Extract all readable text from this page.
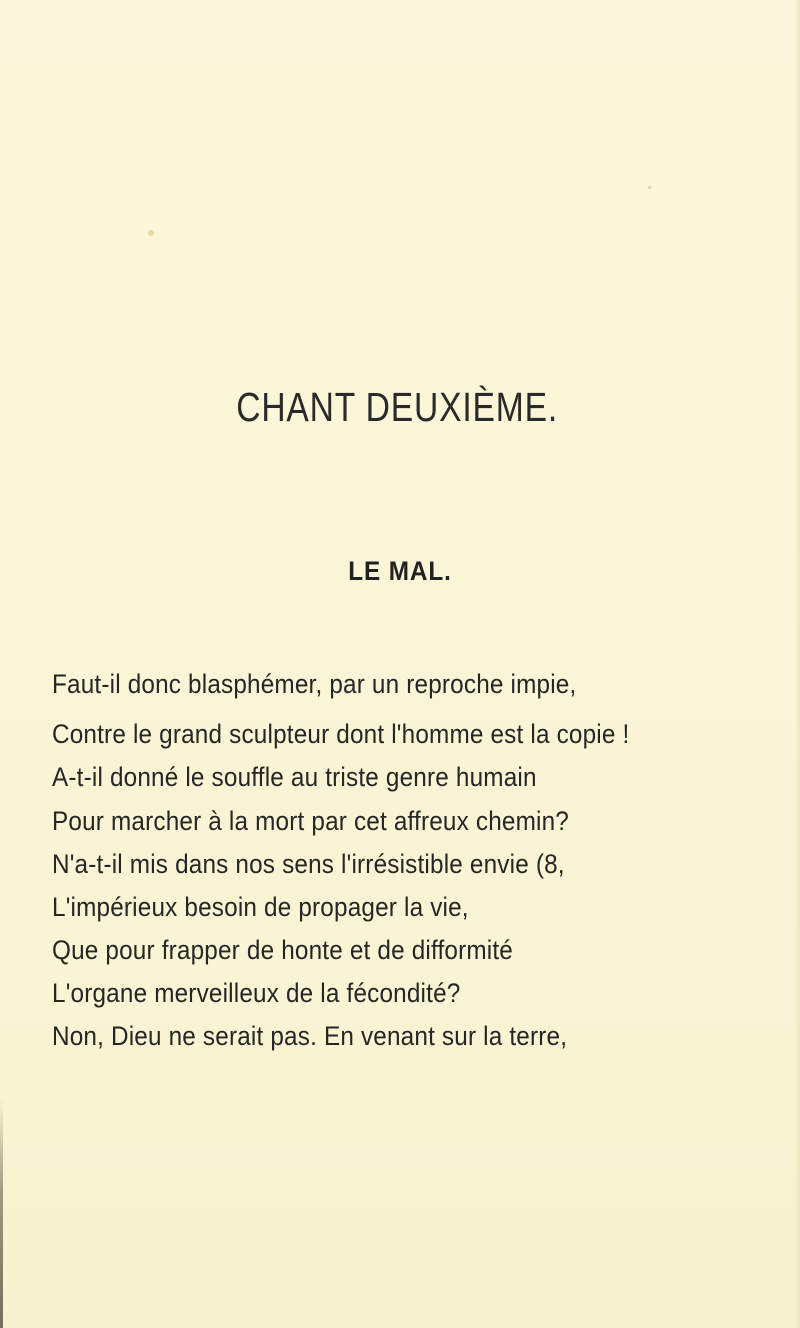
CHANT DEUXIÈME.
LE MAL.
Faut-il donc blasphémer, par un reproche impie,
Contre le grand sculpteur dont l'homme est la copie !
A-t-il donné le souffle au triste genre humain
Pour marcher à la mort par cet affreux chemin?
N'a-t-il mis dans nos sens l'irrésistible envie (8,
L'impérieux besoin de propager la vie,
Que pour frapper de honte et de difformité
L'organe merveilleux de la fécondité?
Non, Dieu ne serait pas. En venant sur la terre,
